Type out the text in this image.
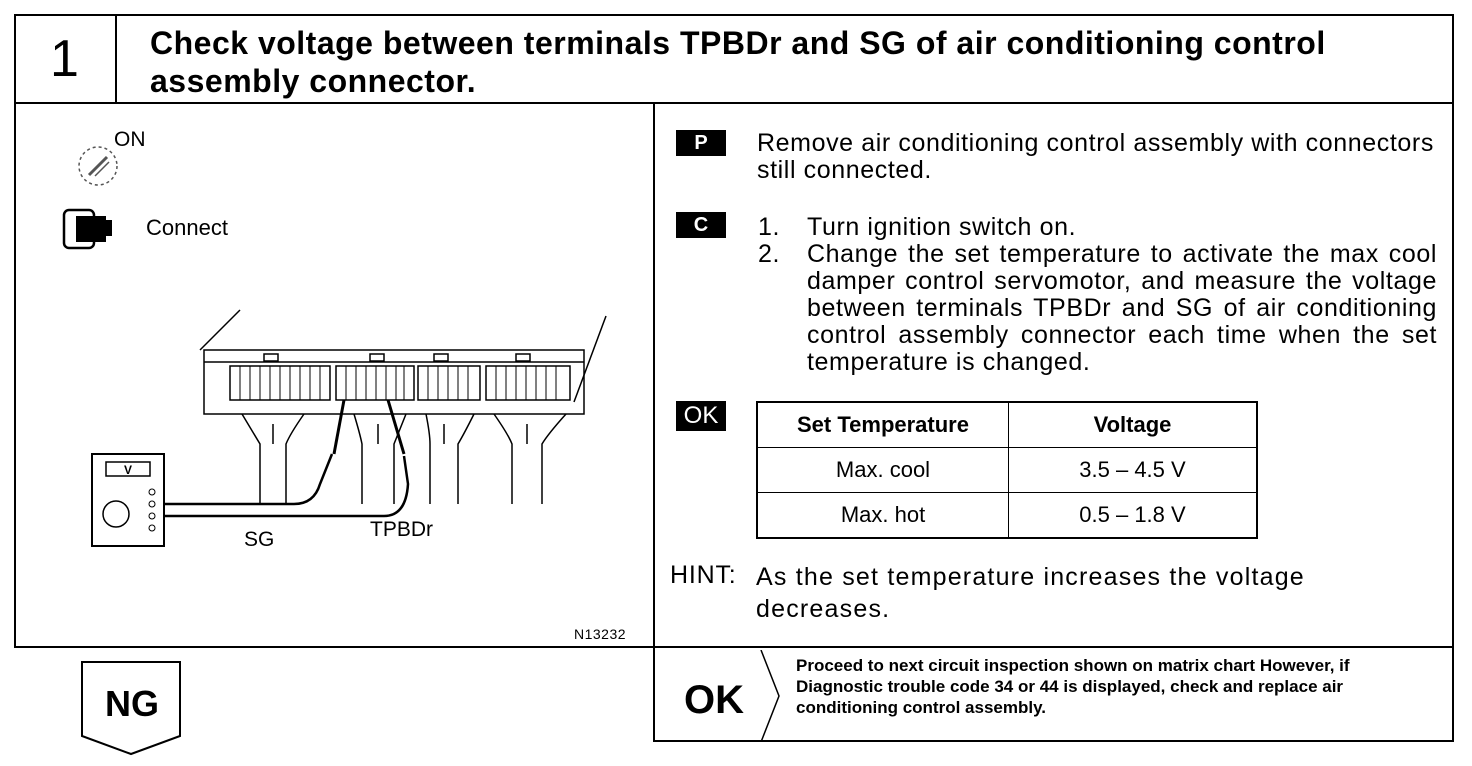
1	Check voltage between terminals TPBDr and SG of air conditioning control assembly connector.
V
ON
Connect
SG	TPBDr
N13232
P	Remove air conditioning control assembly with connectors still connected.
C	1. Turn ignition switch on.
2. Change the set temperature to activate the max cool damper control servomotor, and measure the voltage between terminals TPBDr and SG of air conditioning control assembly connector each time when the set temperature is changed.
OK	Set Temperature	Voltage
Max. cool	3.5 – 4.5 V
Max. hot	0.5 – 1.8 V
HINT: As the set temperature increases the voltage decreases.
OK
Proceed to next circuit inspection shown on matrix chart However, if Diagnostic trouble code 34 or 44 is displayed, check and replace air conditioning control assembly.
NG
